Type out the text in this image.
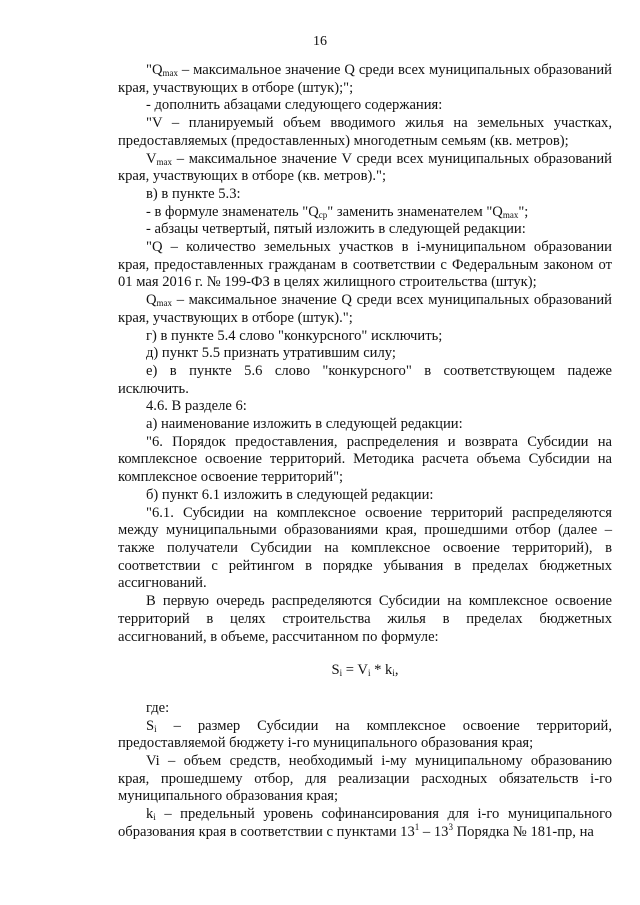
16

"$Q_{max}$ – максимальное значение Q среди всех муниципальных образований края, участвующих в отборе (штук);";

- дополнить абзацами следующего содержания:

"V – планируемый объем вводимого жилья на земельных участках, предоставляемых (предоставленных) многодетным семьям (кв. метров);

$V_{max}$ – максимальное значение V среди всех муниципальных образований края, участвующих в отборе (кв. метров).";

в) в пункте 5.3:

- в формуле знаменатель "$Q_{ср}$" заменить знаменателем "$Q_{max}$";

- абзацы четвертый, пятый изложить в следующей редакции:

"Q – количество земельных участков в i-муниципальном образовании края, предоставленных гражданам в соответствии с Федеральным законом от 01 мая 2016 г. № 199-ФЗ в целях жилищного строительства (штук);

$Q_{max}$ – максимальное значение Q среди всех муниципальных образований края, участвующих в отборе (штук).";

г) в пункте 5.4 слово "конкурсного" исключить;

д) пункт 5.5 признать утратившим силу;

е) в пункте 5.6 слово "конкурсного" в соответствующем падеже исключить.

4.6. В разделе 6:

а) наименование изложить в следующей редакции:

"6. Порядок предоставления, распределения и возврата Субсидии на комплексное освоение территорий. Методика расчета объема Субсидии на комплексное освоение территорий";

б) пункт 6.1 изложить в следующей редакции:

"6.1. Субсидии на комплексное освоение территорий распределяются между муниципальными образованиями края, прошедшими отбор (далее – также получатели Субсидии на комплексное освоение территорий), в соответствии с рейтингом в порядке убывания в пределах бюджетных ассигнований.

В первую очередь распределяются Субсидии на комплексное освоение территорий в целях строительства жилья в пределах бюджетных ассигнований, в объеме, рассчитанном по формуле:

$S_i = V_i * k_i$,

где:

$S_i$ – размер Субсидии на комплексное освоение территорий, предоставляемой бюджету i-го муниципального образования края;

Vi – объем средств, необходимый i-му муниципальному образованию края, прошедшему отбор, для реализации расходных обязательств i-го муниципального образования края;

$k_i$ – предельный уровень софинансирования для i-го муниципального образования края в соответствии с пунктами $13^1 - 13^3$ Порядка № 181-пр, на
